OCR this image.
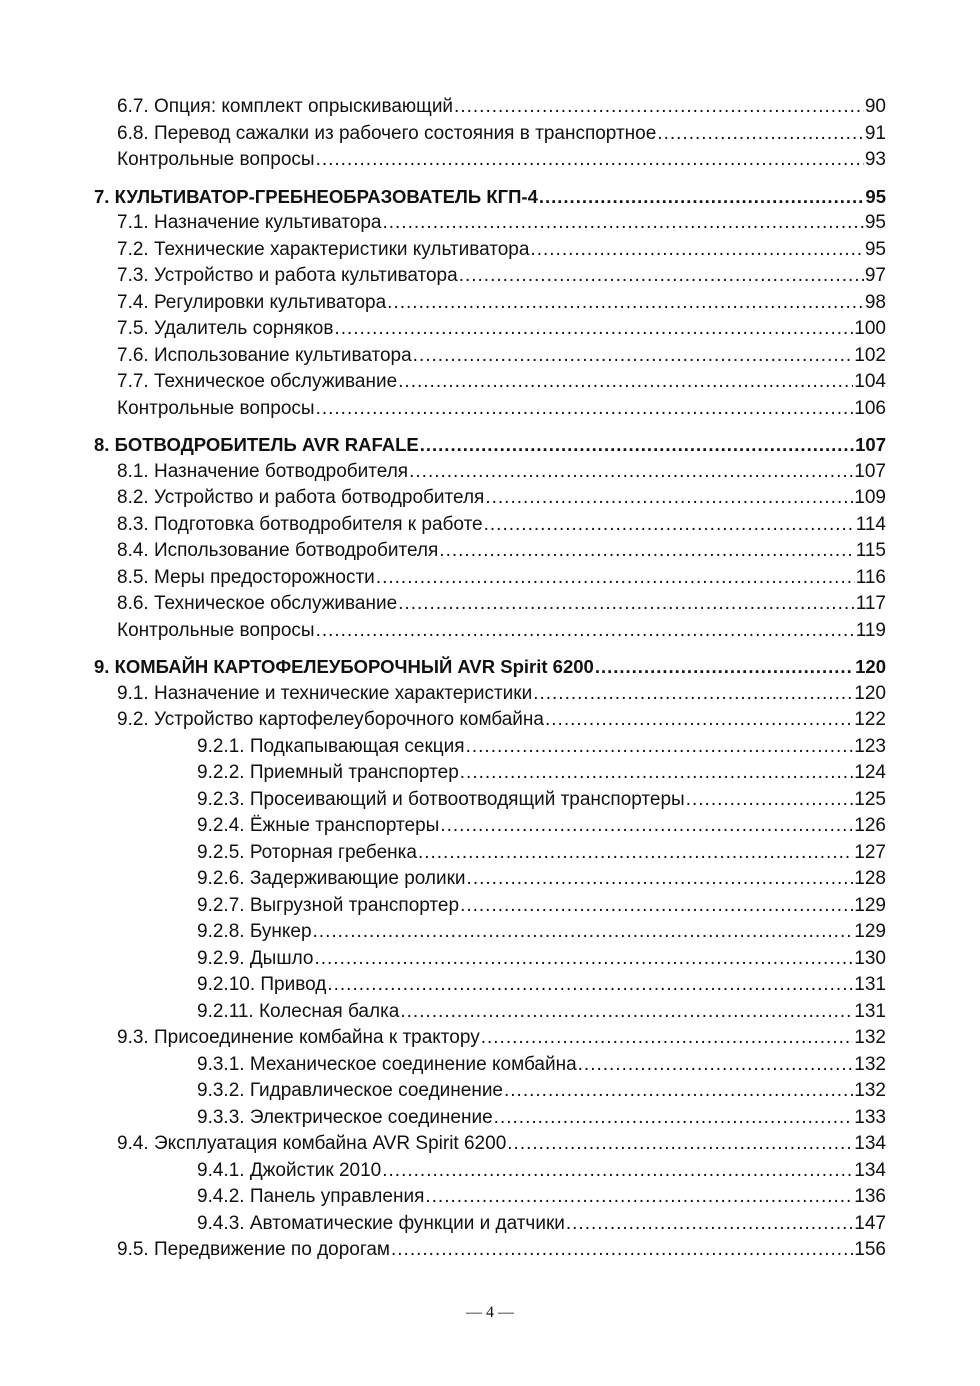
6.7. Опция: комплект опрыскивающий .....	90
6.8. Перевод сажалки из рабочего состояния в транспортное .....	91
Контрольные вопросы .....	93
7. КУЛЬТИВАТОР-ГРЕБНЕОБРАЗОВАТЕЛЬ КГП-4 .....	95
7.1. Назначение культиватора .....	95
7.2. Технические характеристики культиватора .....	95
7.3. Устройство и работа культиватора .....	97
7.4. Регулировки культиватора .....	98
7.5. Удалитель сорняков .....	100
7.6. Использование культиватора .....	102
7.7. Техническое обслуживание .....	104
Контрольные вопросы .....	106
8. БОТВОДРОБИТЕЛЬ AVR RAFALE .....	107
8.1. Назначение ботводробителя .....	107
8.2. Устройство и работа ботводробителя .....	109
8.3. Подготовка ботводробителя к работе .....	114
8.4. Использование ботводробителя .....	115
8.5. Меры предосторожности .....	116
8.6. Техническое обслуживание .....	117
Контрольные вопросы .....	119
9. КОМБАЙН КАРТОФЕЛЕУБОРОЧНЫЙ AVR Spirit 6200 .....	120
9.1. Назначение и технические характеристики .....	120
9.2. Устройство картофелеуборочного комбайна .....	122
9.2.1. Подкапывающая секция .....	123
9.2.2. Приемный транспортер .....	124
9.2.3. Просеивающий и ботвоотводящий транспортеры .....	125
9.2.4. Ёжные транспортеры .....	126
9.2.5. Роторная гребенка .....	127
9.2.6. Задерживающие ролики .....	128
9.2.7. Выгрузной транспортер .....	129
9.2.8. Бункер .....	129
9.2.9. Дышло .....	130
9.2.10. Привод .....	131
9.2.11. Колесная балка .....	131
9.3. Присоединение комбайна к трактору .....	132
9.3.1. Механическое соединение комбайна .....	132
9.3.2. Гидравлическое соединение .....	132
9.3.3. Электрическое соединение .....	133
9.4. Эксплуатация комбайна AVR Spirit 6200 .....	134
9.4.1. Джойстик 2010 .....	134
9.4.2. Панель управления .....	136
9.4.3. Автоматические функции и датчики .....	147
9.5. Передвижение по дорогам .....	156
— 4 —
